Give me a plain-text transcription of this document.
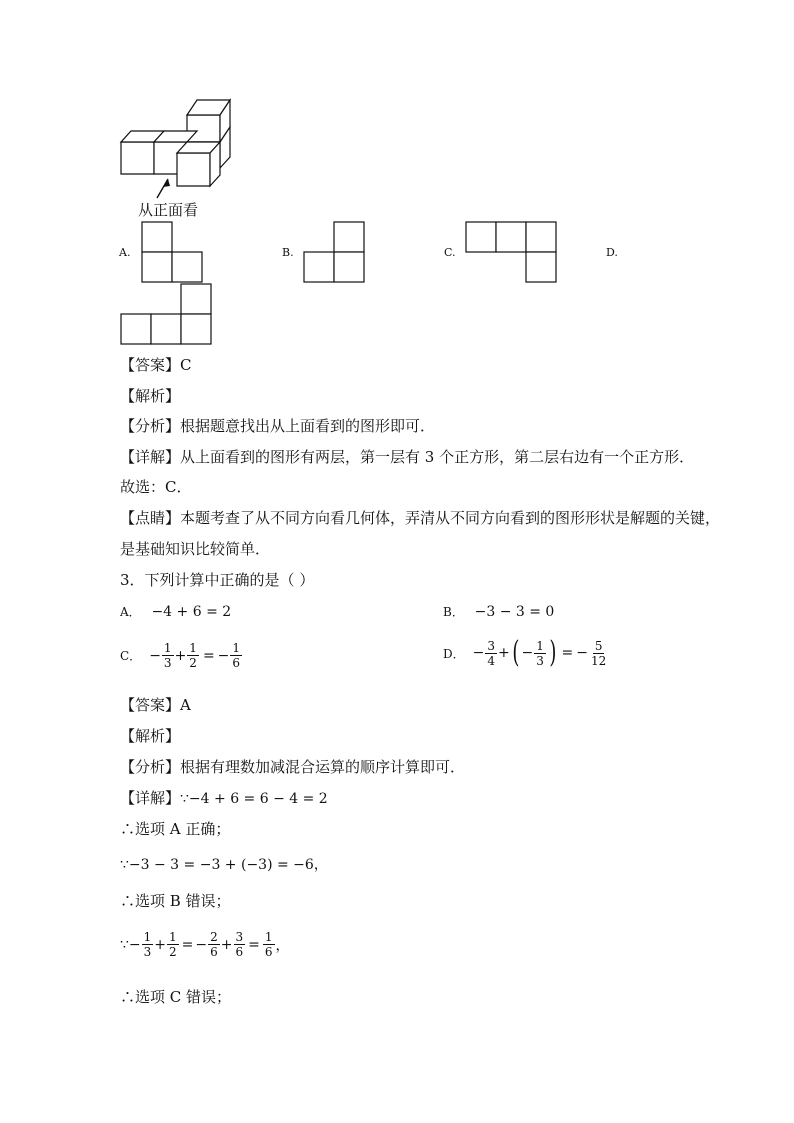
从正面看
A.	B.	C.	D.
【答案】C
【解析】
【分析】根据题意找出从上面看到的图形即可．
【详解】从上面看到的图形有两层，第一层有 3 个正方形，第二层右边有一个正方形．
故选：C．
【点睛】本题考查了从不同方向看几何体，弄清从不同方向看到的图形形状是解题的关键，
是基础知识比较简单．
3．下列计算中正确的是（ ）
A． −4 + 6 = 2	B． −3 − 3 = 0
C． − $\frac{1}{3} + \frac{1}{2}$ = − $\frac{1}{6}$	D． − $\frac{3}{4}$ + ( − $\frac{1}{3}$ ) = − $\frac{5}{12}$
【答案】A
【解析】
【分析】根据有理数加减混合运算的顺序计算即可．
【详解】∵−4 + 6 = 6 − 4 = 2
∴选项 A 正确；
∵−3 − 3 = −3 + (−3) = −6，
∴选项 B 错误；
∵− $\frac{1}{3} + \frac{1}{2}$ = − $\frac{2}{6} + \frac{3}{6} = \frac{1}{6}$ ，
∴选项 C 错误；
